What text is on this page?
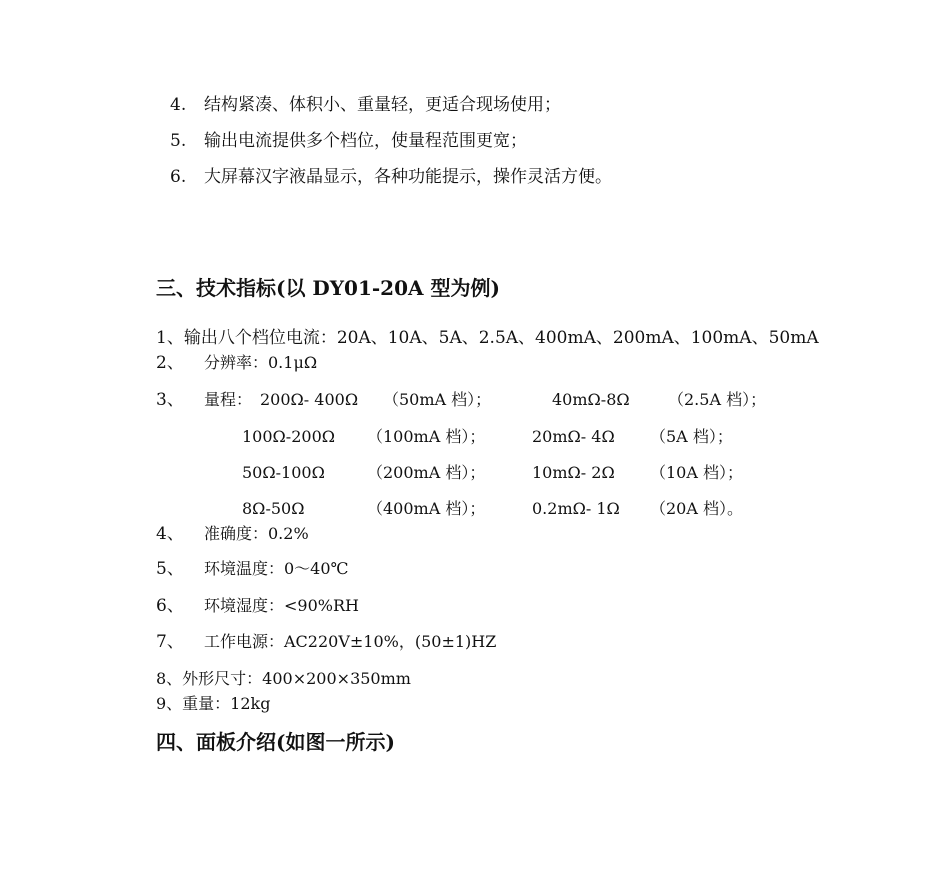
4. 结构紧凑、体积小、重量轻，更适合现场使用；
5. 输出电流提供多个档位，使量程范围更宽；
6. 大屏幕汉字液晶显示，各种功能提示，操作灵活方便。
三、技术指标(以 DY01-20A 型为例)
1、输出八个档位电流：20A、10A、5A、2.5A、400mA、200mA、100mA、50mA
2、 分辨率：0.1μΩ
3、 量程： 200Ω- 400Ω （50mA 档）；	40mΩ-8Ω （2.5A 档）；
100Ω-200Ω （100mA 档）；	20mΩ- 4Ω （5A 档）；
50Ω-100Ω	（200mA 档）；	10mΩ- 2Ω （10A 档）；
8Ω-50Ω	（400mA 档）；	0.2mΩ- 1Ω （20A 档）。
4、 准确度：0.2%
5、 环境温度：0～40℃
6、 环境湿度：<90%RH
7、 工作电源：AC220V±10%，(50±1)HZ
8、外形尺寸：400×200×350mm
9、重量：12kg
四、面板介绍(如图一所示)
